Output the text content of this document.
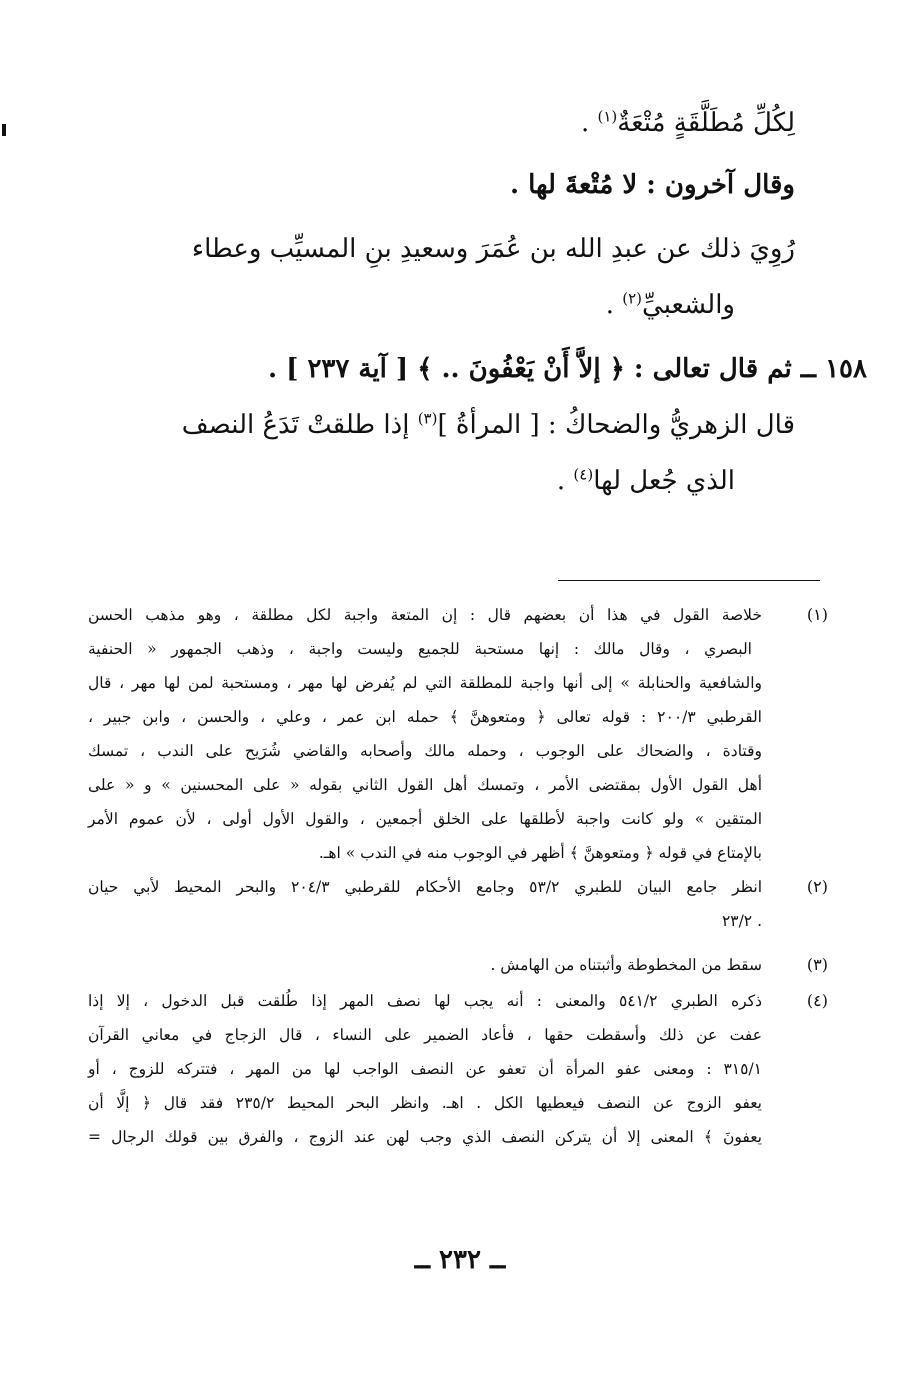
لِكُلِّ مُطَلَّقَةٍ مُتْعَةٌ$^{(١)}$ .
وقال آخرون : لا مُتْعةَ لها .
رُوِيَ ذلك عن عبدِ الله بن عُمَرَ وسعيدِ بنِ المسيِّب وعطاء
والشعبيِّ$^{(٢)}$ .
١٥٨ ــ ثم قال تعالى : ﴿ إلاَّ أَنْ يَعْفُونَ .. ﴾ [ آية ٢٣٧ ] .
قال الزهريُّ والضحاكُ : [ المرأةُ ]$^{(٣)}$ إذا طلقتْ تَدَعُ النصف
الذي جُعل لها$^{(٤)}$ .
(١)
خلاصة القول في هذا أن بعضهم قال : إن المتعة واجبة لكل مطلقة ، وهو مذهب الحسن
البصري ، وقال مالك : إنها مستحبة للجميع وليست واجبة ، وذهب الجمهور « الحنفية
والشافعية والحنابلة » إلى أنها واجبة للمطلقة التي لم يُفرض لها مهر ، ومستحبة لمن لها مهر ، قال
القرطبي ٢٠٠/٣ : قوله تعالى ﴿ ومتعوهنَّ ﴾ حمله ابن عمر ، وعلي ، والحسن ، وابن جبير ،
وقتادة ، والضحاك على الوجوب ، وحمله مالك وأصحابه والقاضي شُرَيح على الندب ، تمسك
أهل القول الأول بمقتضى الأمر ، وتمسك أهل القول الثاني بقوله « على المحسنين » و « على
المتقين » ولو كانت واجبة لأطلقها على الخلق أجمعين ، والقول الأول أولى ، لأن عموم الأمر
بالإمتاع في قوله ﴿ ومتعوهنَّ ﴾ أظهر في الوجوب منه في الندب » اهـ.
(٢)
انظر جامع البيان للطبري ٥٣/٢ وجامع الأحكام للقرطبي ٢٠٤/٣ والبحر المحيط لأبي حيان
. ٢٣/٢
(٣)
سقط من المخطوطة وأثبتناه من الهامش .
(٤)
ذكره الطبري ٥٤١/٢ والمعنى : أنه يجب لها نصف المهر إذا طُلقت قبل الدخول ، إلا إذا
عفت عن ذلك وأسقطت حقها ، فأعاد الضمير على النساء ، قال الزجاج في معاني القرآن
٣١٥/١ : ومعنى عفو المرأة أن تعفو عن النصف الواجب لها من المهر ، فتتركه للزوج ، أو
يعفو الزوج عن النصف فيعطيها الكل . اهـ. وانظر البحر المحيط ٢٣٥/٢ فقد قال ﴿ إلَّا أن
يعفونَ ﴾ المعنى إلا أن يتركن النصف الذي وجب لهن عند الزوج ، والفرق بين قولك الرجال =
ــ ٢٣٢ ــ
